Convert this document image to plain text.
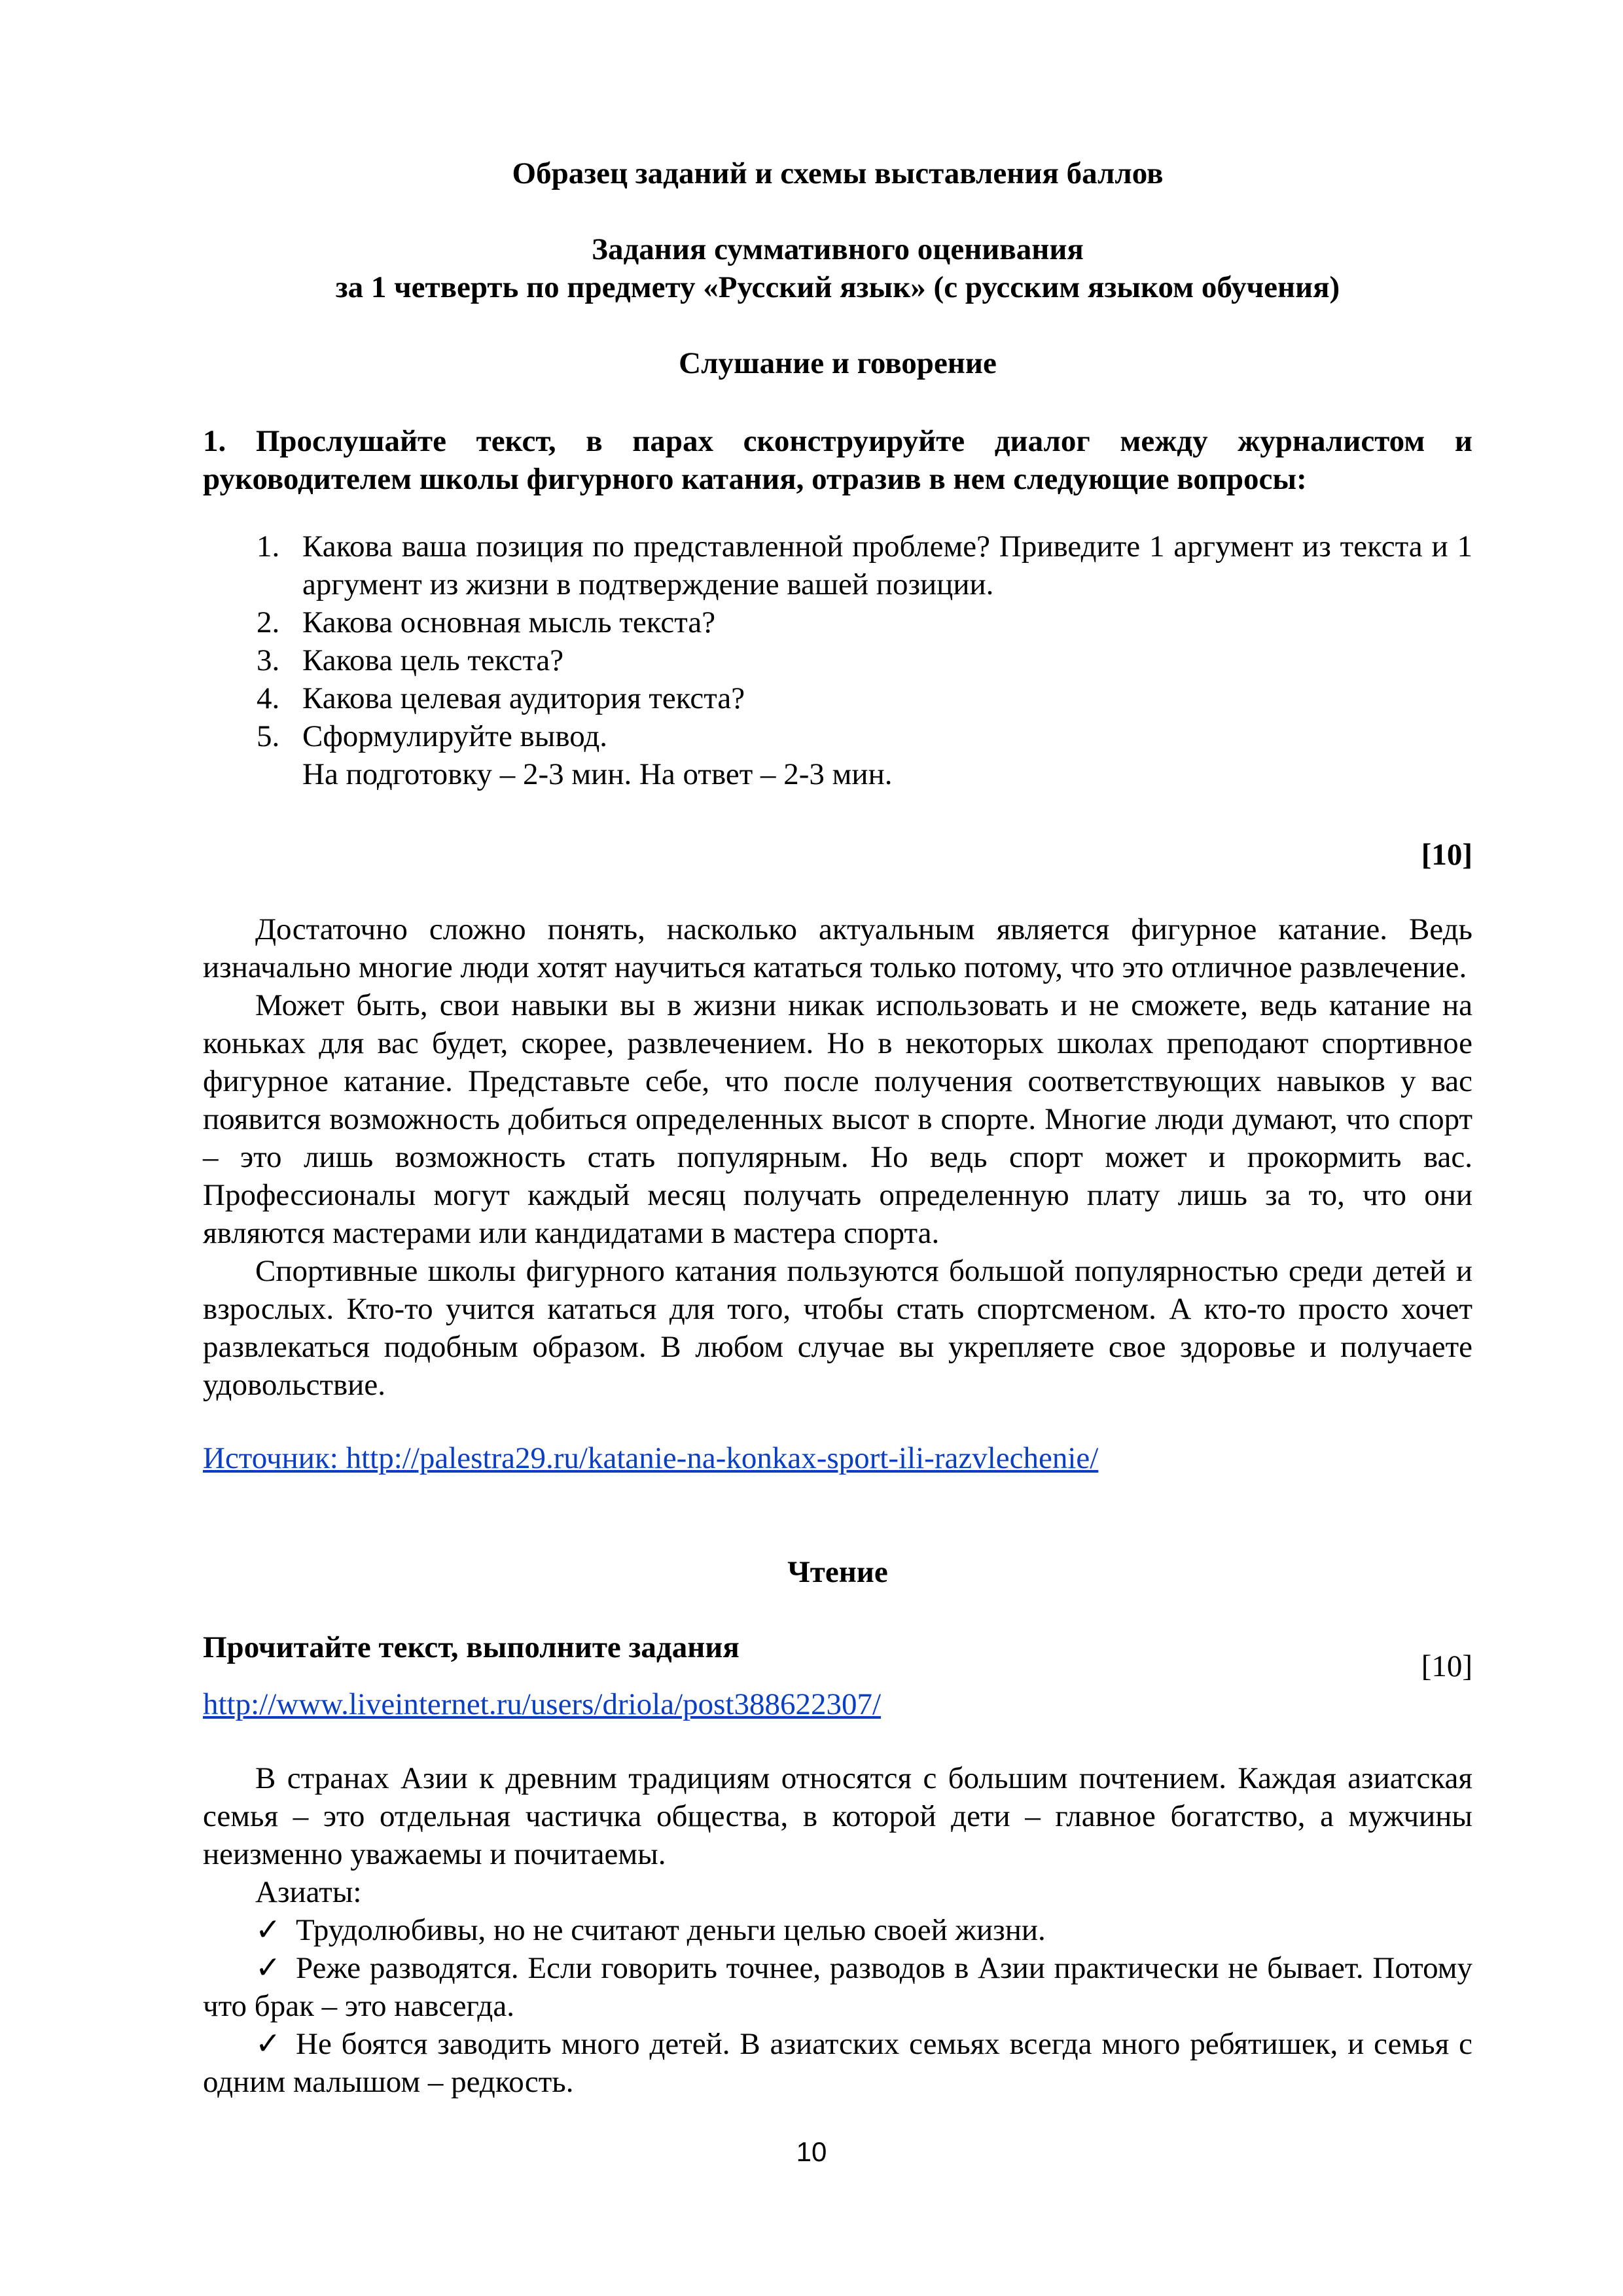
Образец заданий и схемы выставления баллов
Задания суммативного оценивания
за 1 четверть по предмету «Русский язык» (с русским языком обучения)
Слушание и говорение
1. Прослушайте текст, в парах сконструируйте диалог между журналистом и руководителем школы фигурного катания, отразив в нем следующие вопросы:
1. Какова ваша позиция по представленной проблеме? Приведите 1 аргумент из текста и 1 аргумент из жизни в подтверждение вашей позиции.
2. Какова основная мысль текста?
3. Какова цель текста?
4. Какова целевая аудитория текста?
5. Сформулируйте вывод.
На подготовку – 2-3 мин. На ответ – 2-3 мин.
[10]
Достаточно сложно понять, насколько актуальным является фигурное катание. Ведь изначально многие люди хотят научиться кататься только потому, что это отличное развлечение.
Может быть, свои навыки вы в жизни никак использовать и не сможете, ведь катание на коньках для вас будет, скорее, развлечением. Но в некоторых школах преподают спортивное фигурное катание. Представьте себе, что после получения соответствующих навыков у вас появится возможность добиться определенных высот в спорте. Многие люди думают, что спорт – это лишь возможность стать популярным. Но ведь спорт может и прокормить вас. Профессионалы могут каждый месяц получать определенную плату лишь за то, что они являются мастерами или кандидатами в мастера спорта.
Спортивные школы фигурного катания пользуются большой популярностью среди детей и взрослых. Кто-то учится кататься для того, чтобы стать спортсменом. А кто-то просто хочет развлекаться подобным образом. В любом случае вы укрепляете свое здоровье и получаете удовольствие.
Источник: http://palestra29.ru/katanie-na-konkax-sport-ili-razvlechenie/
Чтение
Прочитайте текст, выполните задания
[10]
http://www.liveinternet.ru/users/driola/post388622307/
В странах Азии к древним традициям относятся с большим почтением. Каждая азиатская семья – это отдельная частичка общества, в которой дети – главное богатство, а мужчины неизменно уважаемы и почитаемы.
Азиаты:
✓ Трудолюбивы, но не считают деньги целью своей жизни.
✓ Реже разводятся. Если говорить точнее, разводов в Азии практически не бывает. Потому что брак – это навсегда.
✓ Не боятся заводить много детей. В азиатских семьях всегда много ребятишек, и семья с одним малышом – редкость.
10
